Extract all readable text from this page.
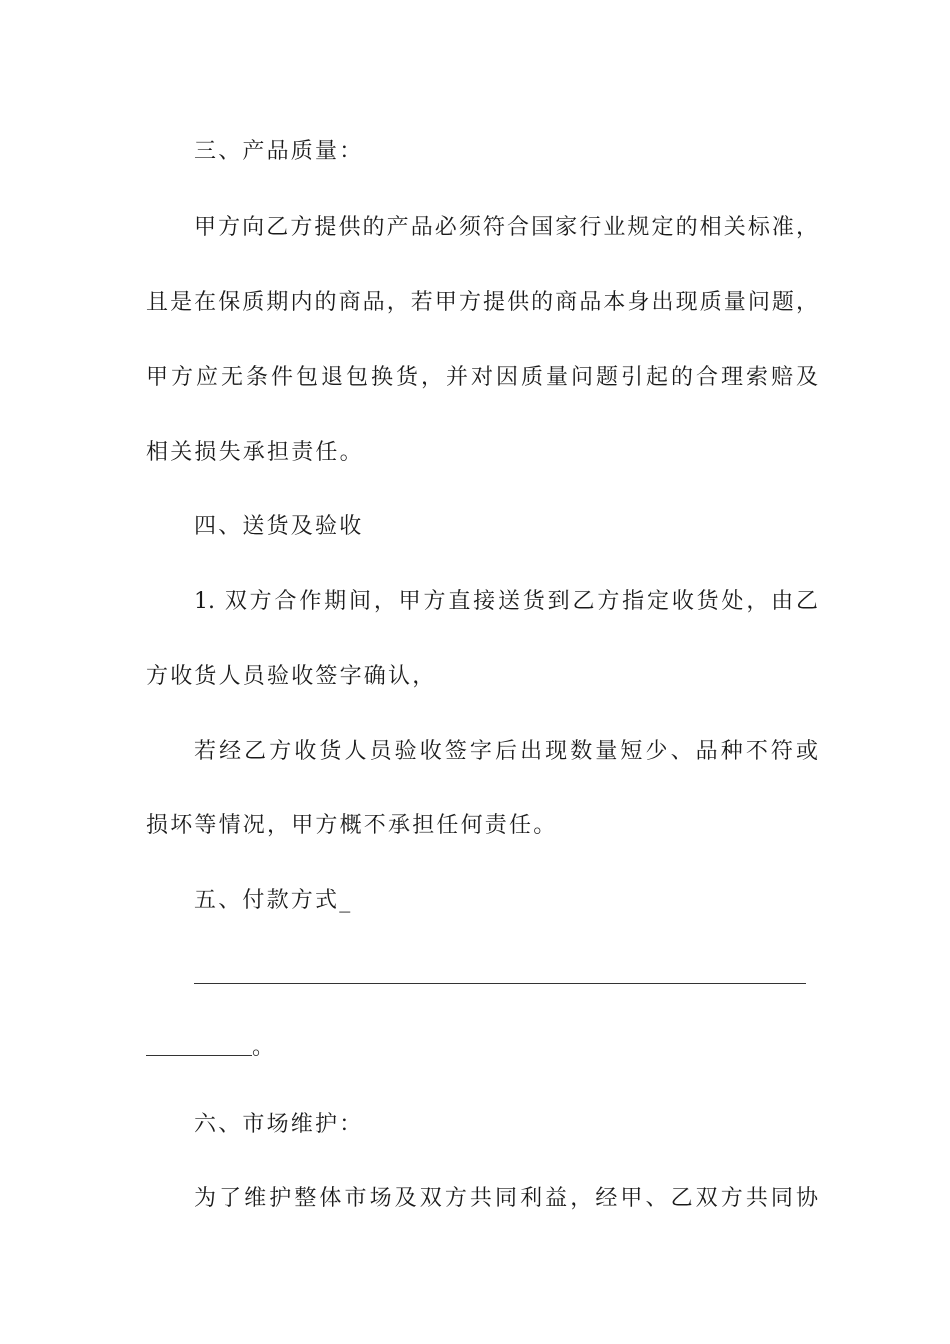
三、产品质量：
甲方向乙方提供的产品必须符合国家行业规定的相关标准，
且是在保质期内的商品，若甲方提供的商品本身出现质量问题，
甲方应无条件包退包换货，并对因质量问题引起的合理索赔及
相关损失承担责任。
四、送货及验收
1. 双方合作期间，甲方直接送货到乙方指定收货处，由乙
方收货人员验收签字确认，
若经乙方收货人员验收签字后出现数量短少、品种不符或
损坏等情况，甲方概不承担任何责任。
五、付款方式_
。
六、市场维护：
为了维护整体市场及双方共同利益，经甲、乙双方共同协
